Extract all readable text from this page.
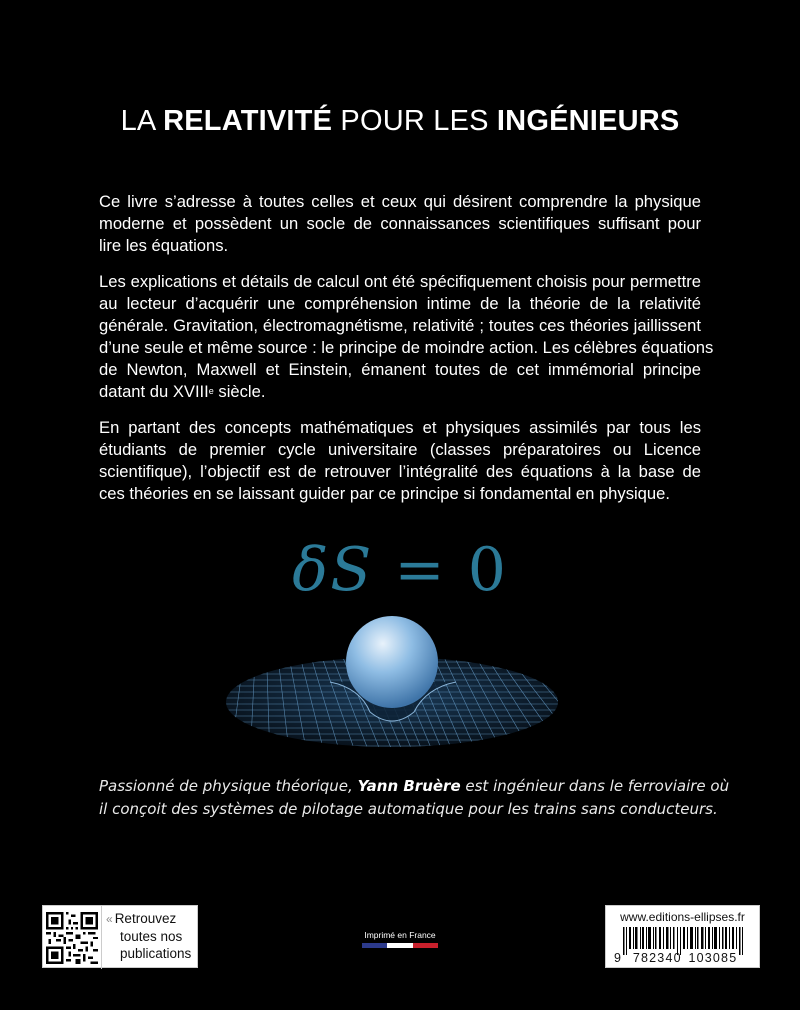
LA RELATIVITÉ POUR LES INGÉNIEURS

Ce livre s’adresse à toutes celles et ceux qui désirent comprendre la physique
moderne et possèdent un socle de connaissances scientifiques suffisant pour
lire les équations.

Les explications et détails de calcul ont été spécifiquement choisis pour permettre
au lecteur d’acquérir une compréhension intime de la théorie de la relativité
générale. Gravitation, électromagnétisme, relativité ; toutes ces théories jaillissent
d’une seule et même source : le principe de moindre action. Les célèbres équations
de Newton, Maxwell et Einstein, émanent toutes de cet immémorial principe
datant du XVIIIe siècle.

En partant des concepts mathématiques et physiques assimilés par tous les
étudiants de premier cycle universitaire (classes préparatoires ou Licence
scientifique), l’objectif est de retrouver l’intégralité des équations à la base de
ces théories en se laissant guider par ce principe si fondamental en physique.

δS = 0

Passionné de physique théorique, Yann Bruère est ingénieur dans le ferroviaire où
il conçoit des systèmes de pilotage automatique pour les trains sans conducteurs.

« Retrouvez
toutes nos
publications
Imprimé en France
www.editions-ellipses.fr
9 782340 103085
